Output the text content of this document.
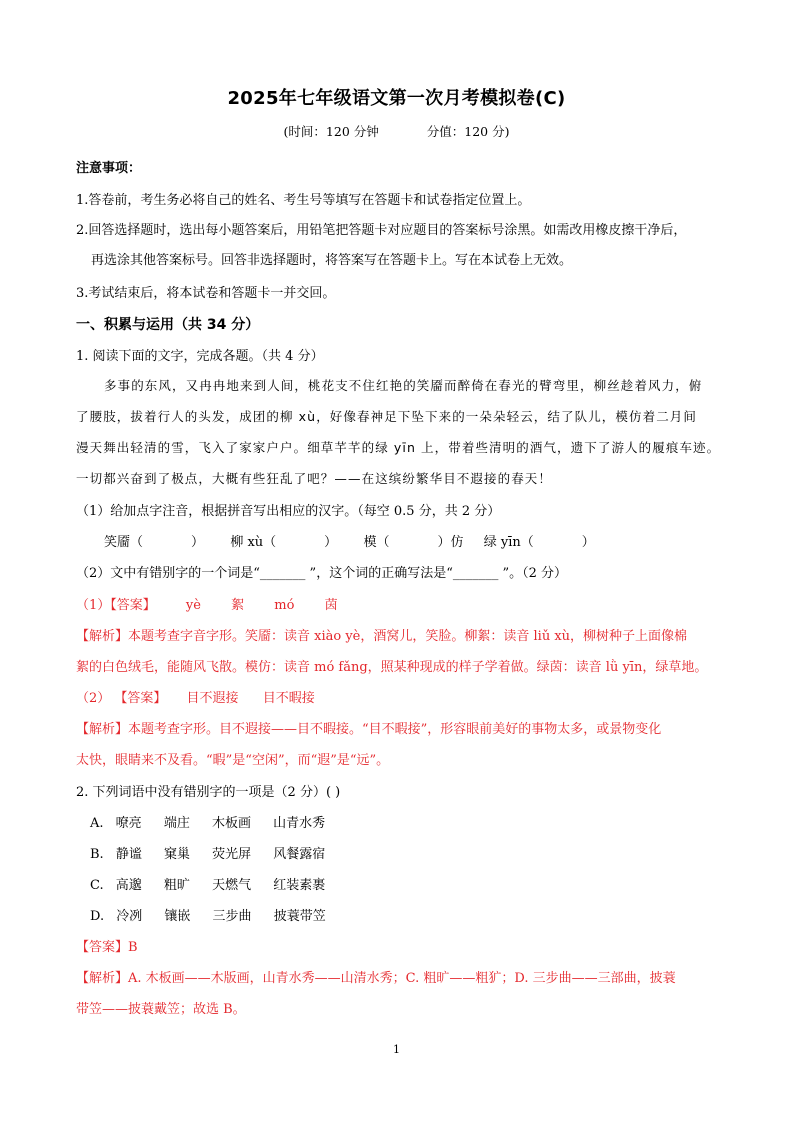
2025年七年级语文第一次月考模拟卷(C)
(时间：120 分钟	分值：120 分)
注意事项：
1.答卷前，考生务必将自己的姓名、考生号等填写在答题卡和试卷指定位置上。
2.回答选择题时，选出每小题答案后，用铅笔把答题卡对应题目的答案标号涂黑。如需改用橡皮擦干净后，
再选涂其他答案标号。回答非选择题时，将答案写在答题卡上。写在本试卷上无效。
3.考试结束后，将本试卷和答题卡一并交回。
一、积累与运用（共 34 分）
1. 阅读下面的文字，完成各题。（共 4 分）
多事的东风，又冉冉地来到人间，桃花支不住红艳的笑靥而醉倚在春光的臂弯里，柳丝趁着风力，俯
了腰肢，拔着行人的头发，成团的柳 xù，好像春神足下坠下来的一朵朵轻云，结了队儿，模仿着二月间
漫天舞出轻清的雪，飞入了家家户户。细草芊芊的绿 yīn 上，带着些清明的酒气，遗下了游人的履痕车迹。
一切都兴奋到了极点，大概有些狂乱了吧？——在这缤纷繁华目不遐接的春天！
（1）给加点字注音，根据拼音写出相应的汉字。（每空 0.5 分，共 2 分）
笑靥（	） 柳 xù（	） 模（	）仿 绿 yīn（	）
（2）文中有错别字的一个词是“_______ ”，这个词的正确写法是“_______ ”。（2 分）
（1）【答案】 yè 絮 mó 茵
【解析】本题考查字音字形。笑靥：读音 xiào yè，酒窝儿，笑脸。柳絮：读音 liǔ xù，柳树种子上面像棉
絮的白色绒毛，能随风飞散。模仿：读音 mó fǎng，照某种现成的样子学着做。绿茵：读音 lǜ yīn，绿草地。
（2） 【答案】 目不遐接 目不暇接
【解析】本题考查字形。目不遐接——目不暇接。“目不暇接”，形容眼前美好的事物太多，或景物变化
太快，眼睛来不及看。“暇”是“空闲”，而“遐”是“远”。
2. 下列词语中没有错别字的一项是（2 分）( )
A. 嘹亮 端庄 木板画 山青水秀
B. 静谧 窠巢 荧光屏 风餐露宿
C. 高邈 粗旷 天燃气 红装素裹
D. 冷冽 镶嵌 三步曲 披蓑带笠
【答案】B
【解析】A. 木板画——木版画，山青水秀——山清水秀；C. 粗旷——粗犷；D. 三步曲——三部曲，披蓑
带笠——披蓑戴笠；故选 B。
1
